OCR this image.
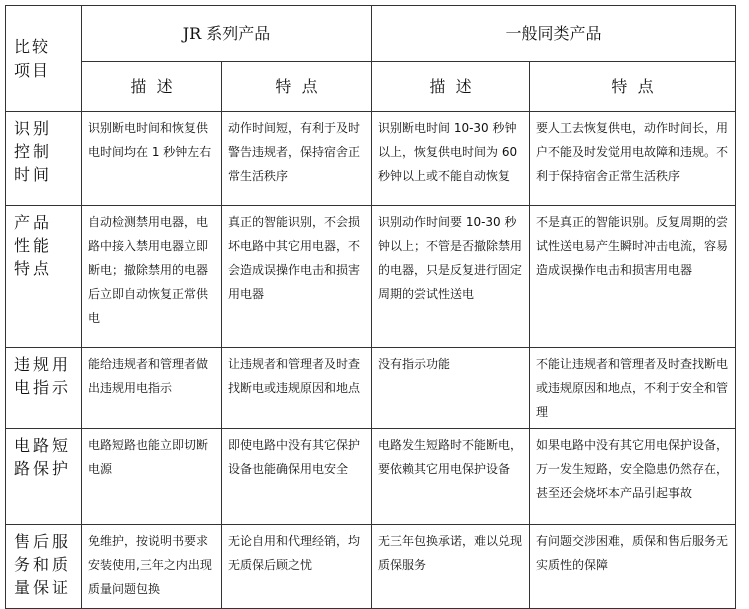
比较
项目	JR 系列产品		一般同类产品	
	描  述	特  点	描  述	特  点

识别
控制
时间	识别断电时间和恢复供电时间均在 1 秒钟左右	动作时间短，有利于及时警告违规者，保持宿舍正常生活秩序	识别断电时间 10-30 秒钟以上，恢复供电时间为 60 秒钟以上或不能自动恢复	要人工去恢复供电，动作时间长，用户不能及时发觉用电故障和违规。不利于保持宿舍正常生活秩序

产品
性能
特点	自动检测禁用电器，电路中接入禁用电器立即断电；撤除禁用的电器后立即自动恢复正常供电	真正的智能识别，不会损坏电路中其它用电器，不会造成误操作电击和损害用电器	识别动作时间要 10-30 秒钟以上；不管是否撤除禁用的电器，只是反复进行固定周期的尝试性送电	不是真正的智能识别。反复周期的尝试性送电易产生瞬时冲击电流，容易造成误操作电击和损害用电器

违规用
电指示	能给违规者和管理者做出违规用电指示	让违规者和管理者及时查找断电或违规原因和地点	没有指示功能	不能让违规者和管理者及时查找断电或违规原因和地点，不利于安全和管理

电路短
路保护	电路短路也能立即切断电源	即使电路中没有其它保护设备也能确保用电安全	电路发生短路时不能断电，要依赖其它用电保护设备	如果电路中没有其它用电保护设备，万一发生短路，安全隐患仍然存在，甚至还会烧坏本产品引起事故

售后服
务和质
量保证	免维护，按说明书要求安装使用,三年之内出现质量问题包换	无论自用和代理经销，均无质保后顾之忧	无三年包换承诺，难以兑现质保服务	有问题交涉困难，质保和售后服务无实质性的保障
